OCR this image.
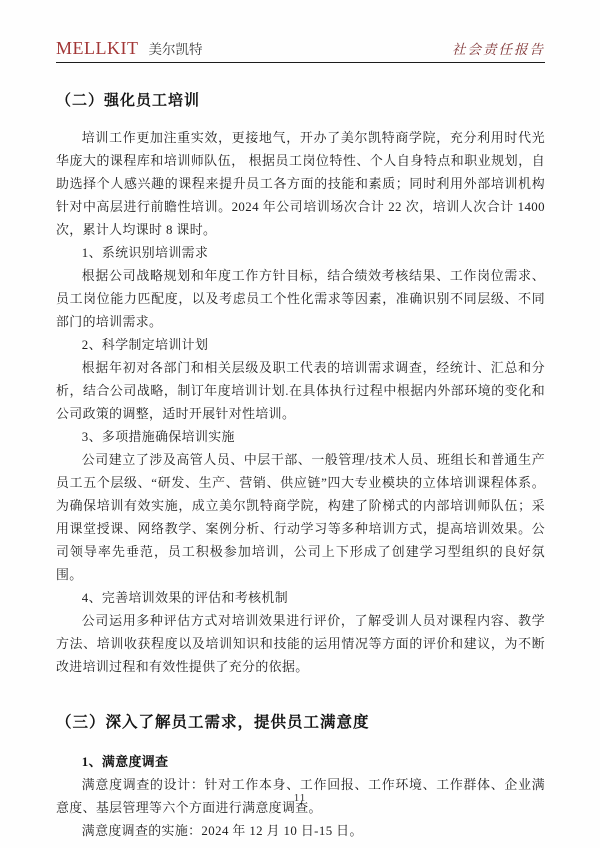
MELLKIT 美尔凯特	社会责任报告
（二）强化员工培训

培训工作更加注重实效，更接地气，开办了美尔凯特商学院，充分利用时代光华庞大的课程库和培训师队伍， 根据员工岗位特性、个人自身特点和职业规划，自助选择个人感兴趣的课程来提升员工各方面的技能和素质；同时利用外部培训机构针对中高层进行前瞻性培训。2024 年公司培训场次合计 22 次，培训人次合计 1400 次，累计人均课时 8 课时。

1、系统识别培训需求

根据公司战略规划和年度工作方针目标，结合绩效考核结果、工作岗位需求、员工岗位能力匹配度，以及考虑员工个性化需求等因素，准确识别不同层级、不同部门的培训需求。

2、科学制定培训计划

根据年初对各部门和相关层级及职工代表的培训需求调查，经统计、汇总和分析，结合公司战略，制订年度培训计划.在具体执行过程中根据内外部环境的变化和公司政策的调整，适时开展针对性培训。

3、多项措施确保培训实施

公司建立了涉及高管人员、中层干部、一般管理/技术人员、班组长和普通生产员工五个层级、“研发、生产、营销、供应链”四大专业模块的立体培训课程体系。为确保培训有效实施，成立美尔凯特商学院，构建了阶梯式的内部培训师队伍；采用课堂授课、网络教学、案例分析、行动学习等多种培训方式，提高培训效果。公司领导率先垂范，员工积极参加培训，公司上下形成了创建学习型组织的良好氛围。

4、完善培训效果的评估和考核机制

公司运用多种评估方式对培训效果进行评价，了解受训人员对课程内容、教学方法、培训收获程度以及培训知识和技能的运用情况等方面的评价和建议，为不断改进培训过程和有效性提供了充分的依据。

（三）深入了解员工需求，提供员工满意度

1、满意度调查

满意度调查的设计：针对工作本身、工作回报、工作环境、工作群体、企业满意度、基层管理等六个方面进行满意度调查。

满意度调查的实施：2024 年 12 月 10 日-15 日。

11
